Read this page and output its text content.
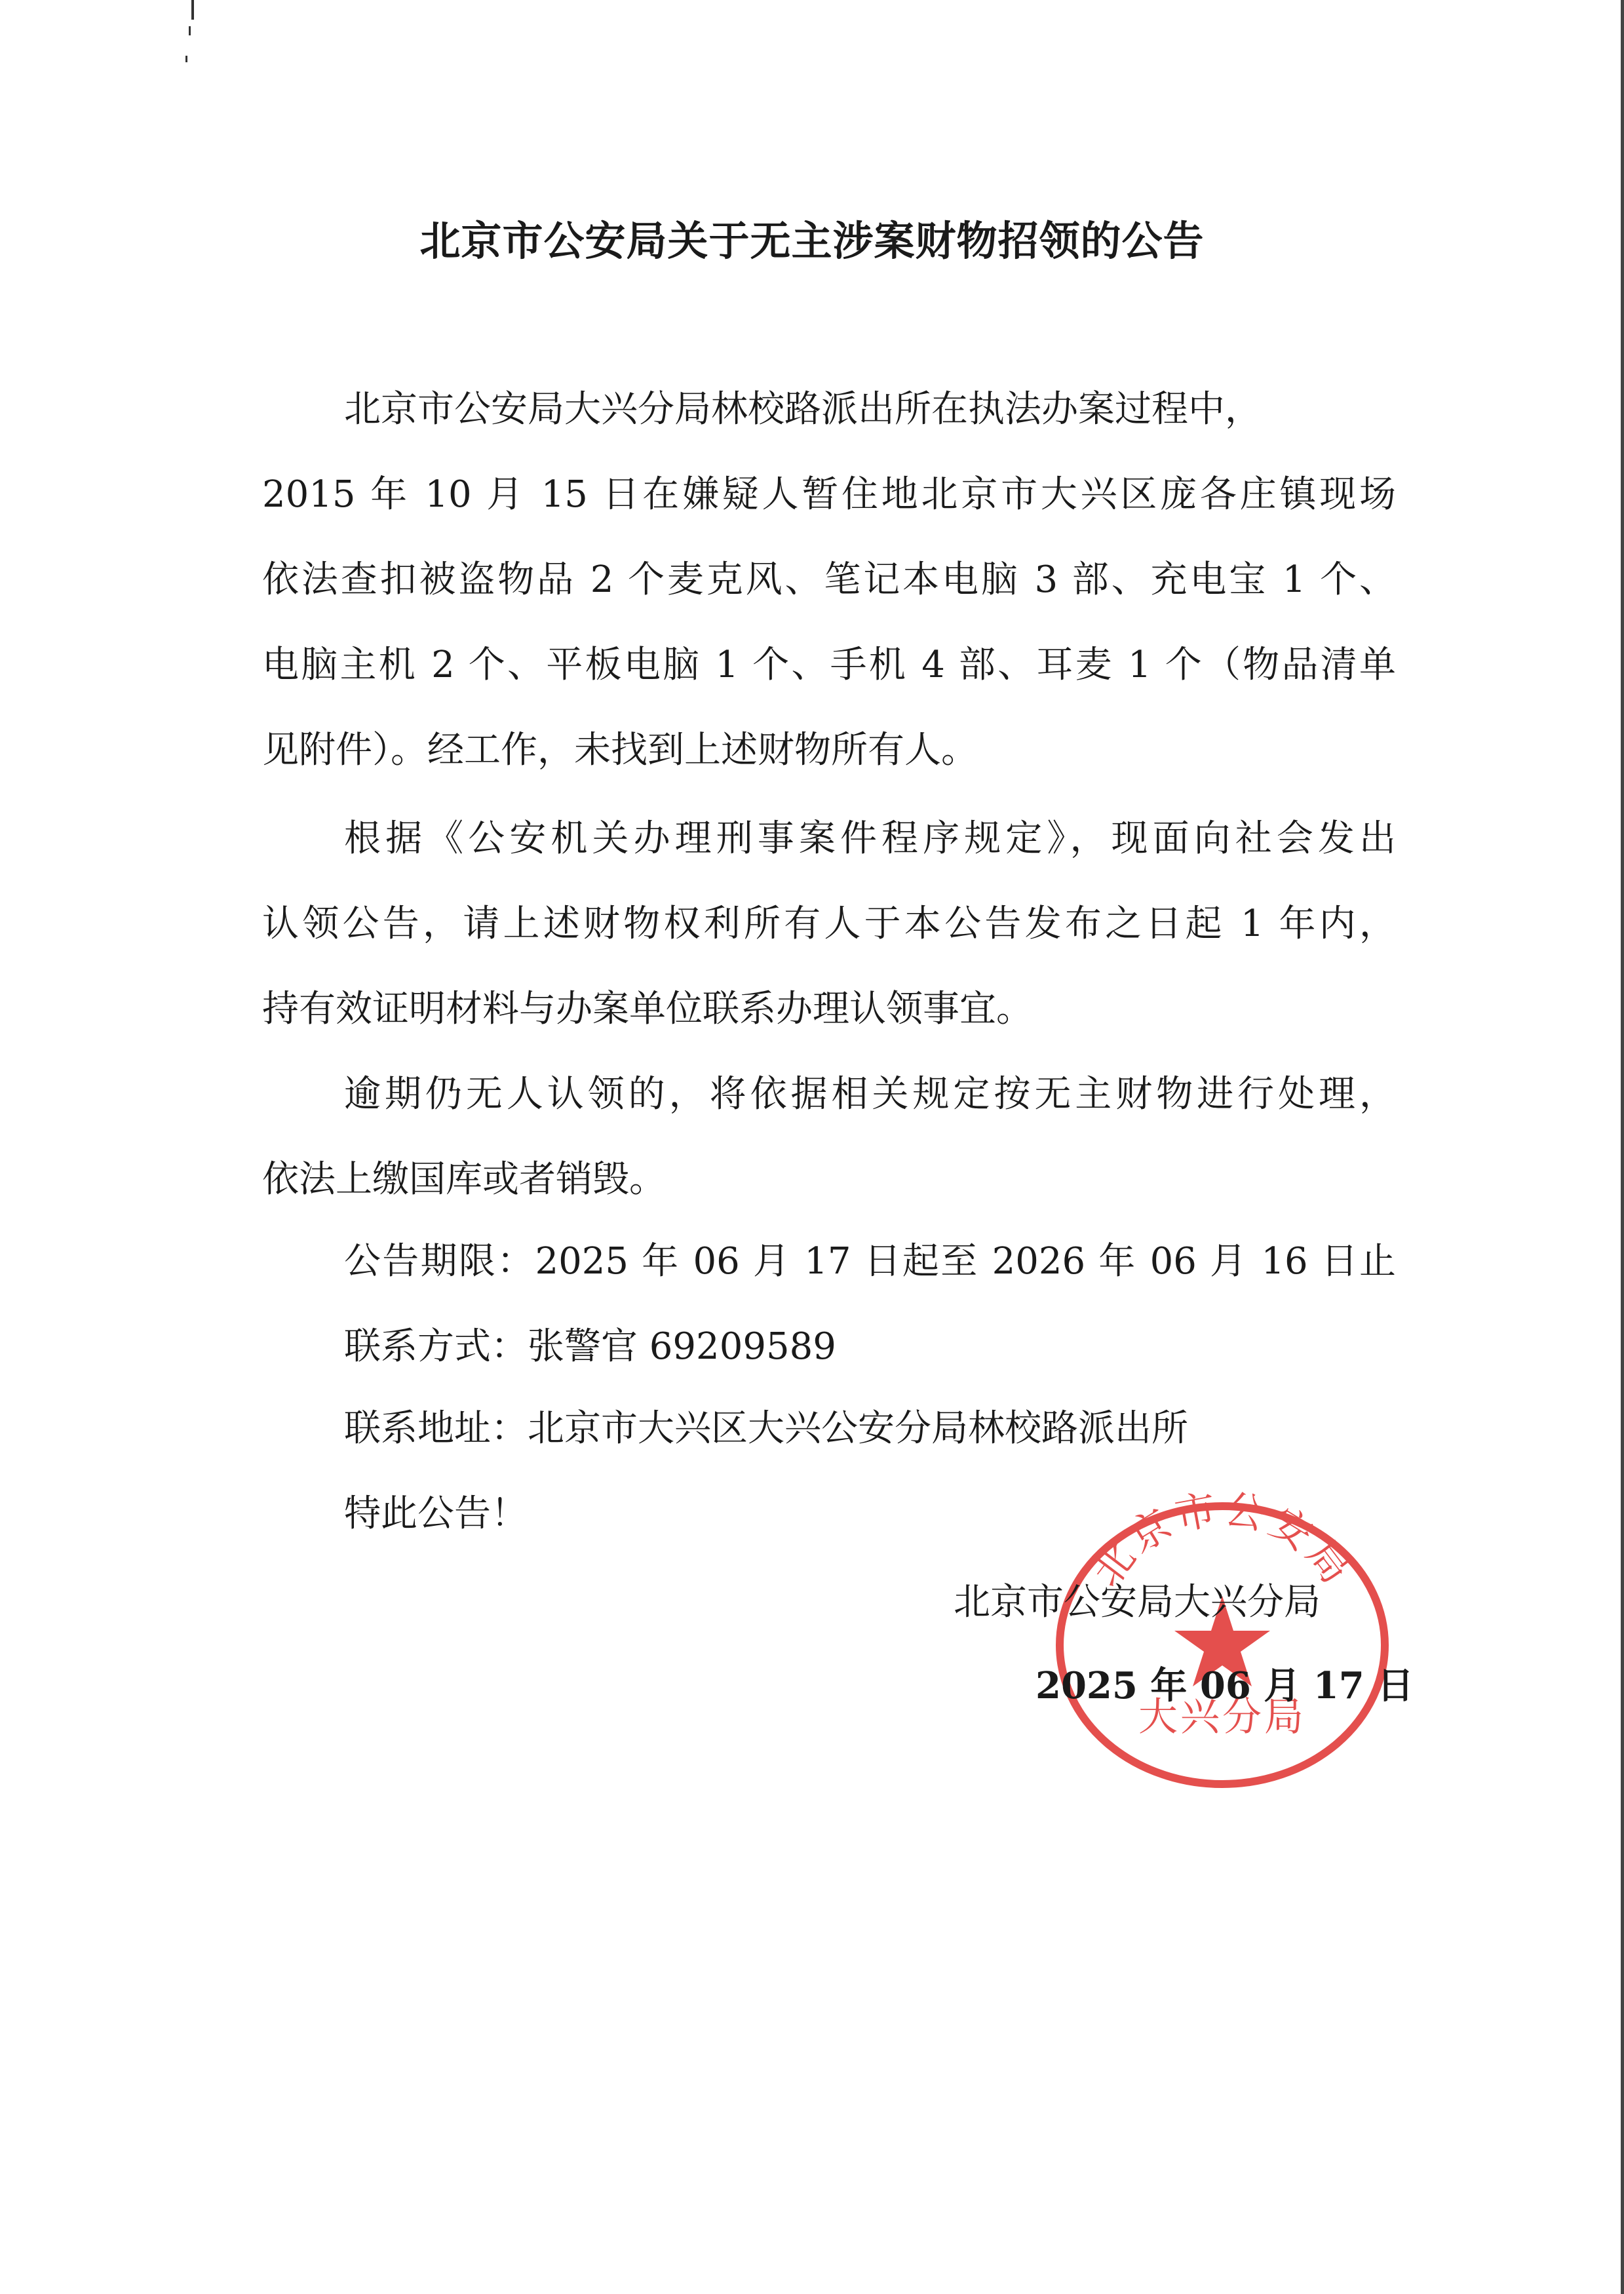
北京市公安局关于无主涉案财物招领的公告
北京市公安局大兴分局林校路派出所在执法办案过程中，
2015 年 10 月 15 日在嫌疑人暂住地北京市大兴区庞各庄镇现场
依法查扣被盗物品 2 个麦克风、笔记本电脑 3 部、充电宝 1 个、
电脑主机 2 个、平板电脑 1 个、手机 4 部、耳麦 1 个（物品清单
见附件）。经工作，未找到上述财物所有人。
根据《公安机关办理刑事案件程序规定》，现面向社会发出
认领公告，请上述财物权利所有人于本公告发布之日起 1 年内，
持有效证明材料与办案单位联系办理认领事宜。
逾期仍无人认领的，将依据相关规定按无主财物进行处理，
依法上缴国库或者销毁。
公告期限：2025 年 06 月 17 日起至 2026 年 06 月 16 日止
联系方式：张警官 69209589
联系地址：北京市大兴区大兴公安分局林校路派出所
特此公告！
北京市公安局
大兴分局
北京市公安局大兴分局
2025 年 06 月 17 日
